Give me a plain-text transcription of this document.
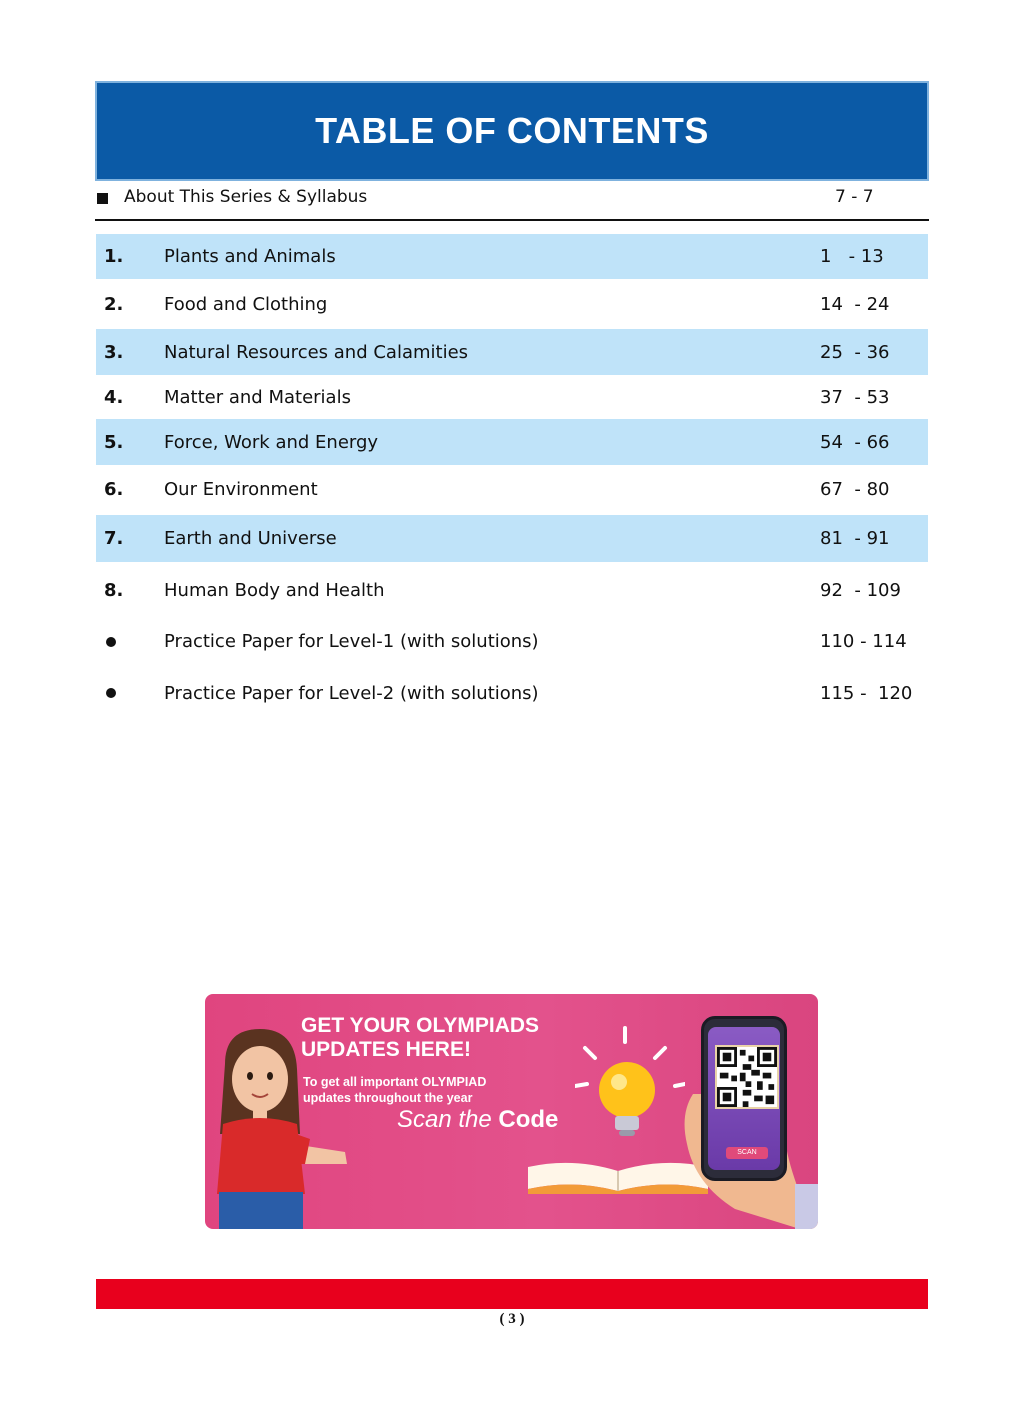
TABLE OF CONTENTS
About This Series & Syllabus	7 - 7
1. Plants and Animals	1   - 13
2. Food and Clothing	14  - 24
3. Natural Resources and Calamities	25  - 36
4. Matter and Materials	37  - 53
5. Force, Work and Energy	54  - 66
6. Our Environment	67  - 80
7. Earth and Universe	81  - 91
8. Human Body and Health	92  - 109
Practice Paper for Level-1 (with solutions)	110 - 114
Practice Paper for Level-2 (with solutions)	115 -  120
GET YOUR OLYMPIADS
UPDATES HERE!
To get all important OLYMPIAD
updates throughout the year
Scan the Code
SCAN
( 3 )
